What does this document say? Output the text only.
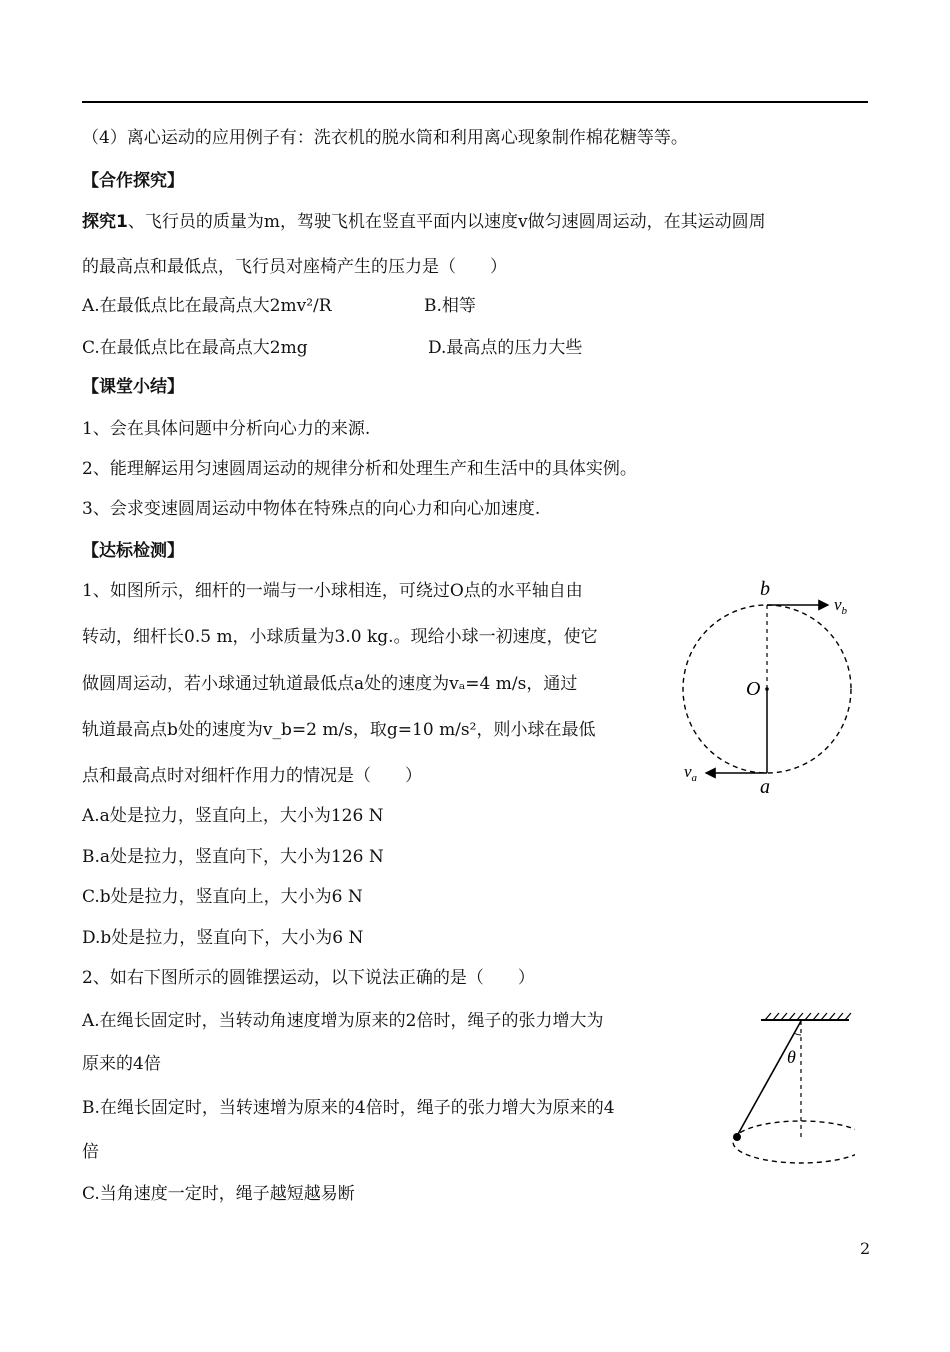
（4）离心运动的应用例子有：洗衣机的脱水筒和利用离心现象制作棉花糖等等。
【合作探究】
探究1、飞行员的质量为m，驾驶飞机在竖直平面内以速度v做匀速圆周运动，在其运动圆周
的最高点和最低点，飞行员对座椅产生的压力是（　　）
A.在最低点比在最高点大2mv²/R	B.相等
C.在最低点比在最高点大2mg	D.最高点的压力大些
【课堂小结】
1、会在具体问题中分析向心力的来源.
2、能理解运用匀速圆周运动的规律分析和处理生产和生活中的具体实例。
3、会求变速圆周运动中物体在特殊点的向心力和向心加速度.
【达标检测】
1、如图所示，细杆的一端与一小球相连，可绕过O点的水平轴自由
转动，细杆长0.5 m，小球质量为3.0 kg.。现给小球一初速度，使它
做圆周运动，若小球通过轨道最低点a处的速度为vₐ=4 m/s，通过
轨道最高点b处的速度为v_b=2 m/s，取g=10 m/s²，则小球在最低
点和最高点时对细杆作用力的情况是（　　）
A.a处是拉力，竖直向上，大小为126 N
B.a处是拉力，竖直向下，大小为126 N
C.b处是拉力，竖直向上，大小为6 N
D.b处是拉力，竖直向下，大小为6 N
2、如右下图所示的圆锥摆运动，以下说法正确的是（　　）
A.在绳长固定时，当转动角速度增为原来的2倍时，绳子的张力增大为
原来的4倍
B.在绳长固定时，当转速增为原来的4倍时，绳子的张力增大为原来的4
倍
C.当角速度一定时，绳子越短越易断
b
a
O
$v_b$
$v_a$
θ
2
